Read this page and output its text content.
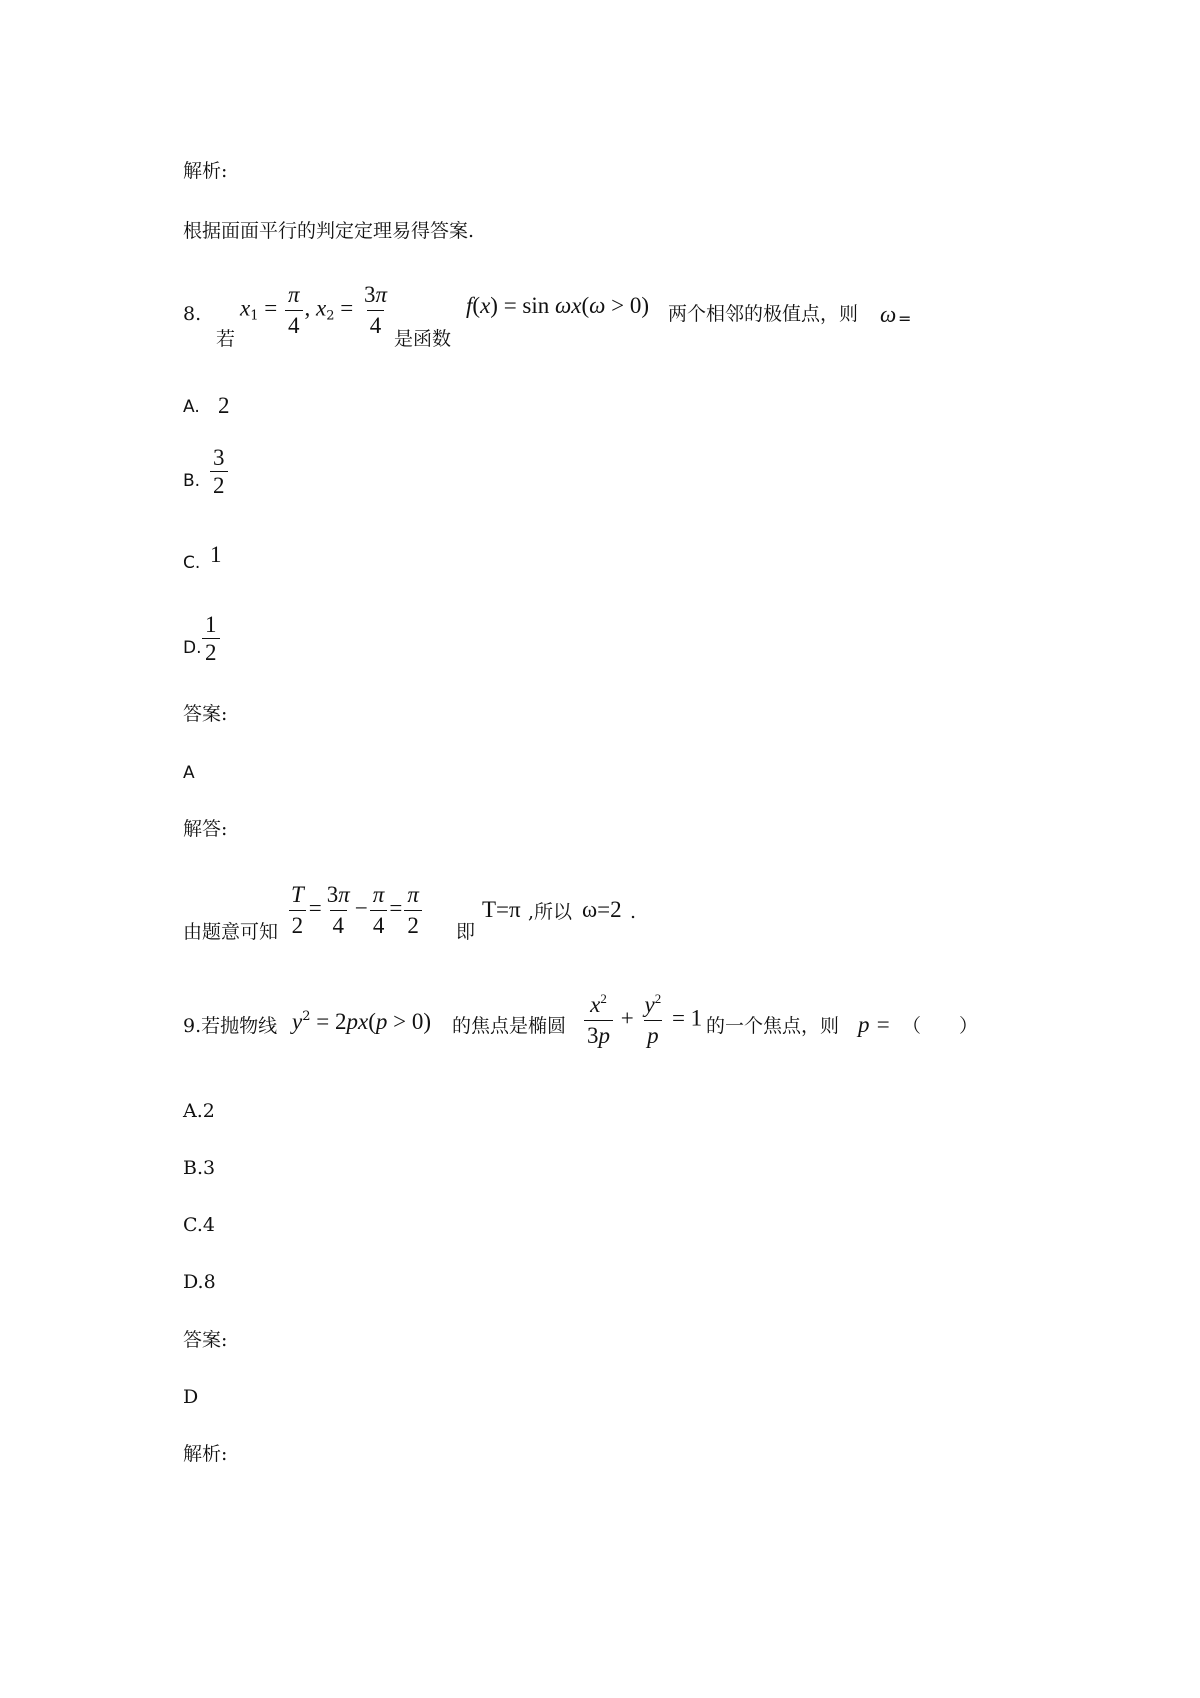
解析:
根据面面平行的判定定理易得答案.
8.
若
$x_1 = \frac{\pi}{4}$ , $x_2 = \frac{3\pi}{4}$ 是函数
f(x) = sin ωx(ω > 0) 两个相邻的极值点，则 ω =
A. 2
B. $\frac{3}{2}$
C. 1
D. $\frac{1}{2}$
答案:
A
解答:
由题意可知 $\frac{T}{2} = \frac{3\pi}{4} - \frac{\pi}{4} = \frac{\pi}{2}$ 即
T=π ,所以 ω=2 .
9.若抛物线 $y^2 = 2px(p > 0)$ 的焦点是椭圆 $\frac{x^2}{3p} + \frac{y^2}{p} = 1$ 的一个焦点，则 p = （　　）
A.2
B.3
C.4
D.8
答案:
D
解析:
